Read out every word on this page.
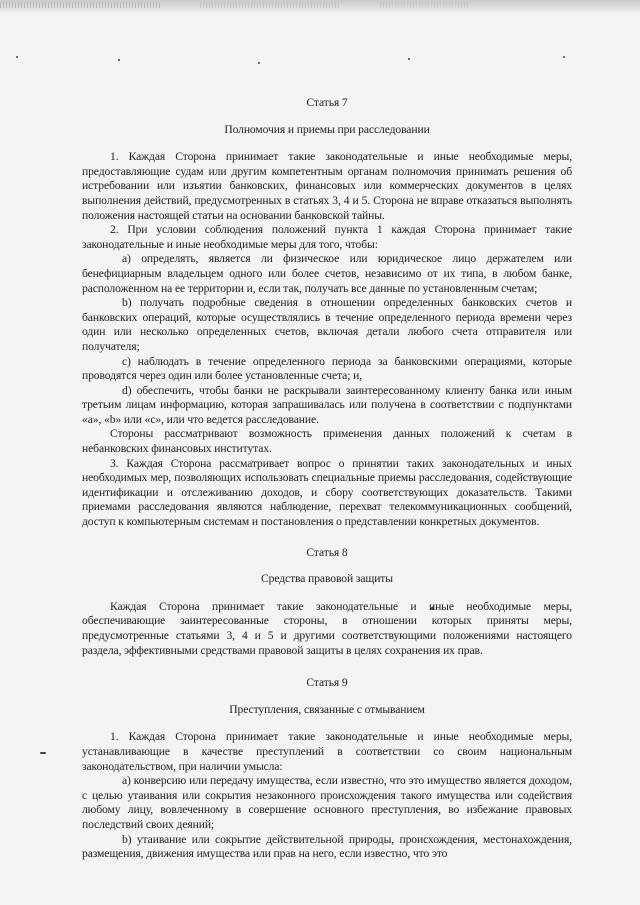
Статья 7
Полномочия и приемы при расследовании

1. Каждая Сторона принимает такие законодательные и иные необходимые меры, предоставляющие судам или другим компетентным органам полномочия принимать решения об истребовании или изъятии банковских, финансовых или коммерческих документов в целях выполнения действий, предусмотренных в статьях 3, 4 и 5. Сторона не вправе отказаться выполнять положения настоящей статьи на основании банковской тайны.

2. При условии соблюдения положений пункта 1 каждая Сторона принимает такие законодательные и иные необходимые меры для того, чтобы:

a) определять, является ли физическое или юридическое лицо держателем или бенефициарным владельцем одного или более счетов, независимо от их типа, в любом банке, расположенном на ее территории и, если так, получать все данные по установленным счетам;

b) получать подробные сведения в отношении определенных банковских счетов и банковских операций, которые осуществлялись в течение определенного периода времени через один или несколько определенных счетов, включая детали любого счета отправителя или получателя;

c) наблюдать в течение определенного периода за банковскими операциями, которые проводятся через один или более установленные счета; и,

d) обеспечить, чтобы банки не раскрывали заинтересованному клиенту банка или иным третьим лицам информацию, которая запрашивалась или получена в соответствии с подпунктами «a», «b» или «c», или что ведется расследование.

Стороны рассматривают возможность применения данных положений к счетам в небанковских финансовых институтах.

3. Каждая Сторона рассматривает вопрос о принятии таких законодательных и иных необходимых мер, позволяющих использовать специальные приемы расследования, содействующие идентификации и отслеживанию доходов, и сбору соответствующих доказательств. Такими приемами расследования являются наблюдение, перехват телекоммуникационных сообщений, доступ к компьютерным системам и постановления о представлении конкретных документов.

Статья 8
Средства правовой защиты

Каждая Сторона принимает такие законодательные и иные необходимые меры, обеспечивающие заинтересованные стороны, в отношении которых приняты меры, предусмотренные статьями 3, 4 и 5 и другими соответствующими положениями настоящего раздела, эффективными средствами правовой защиты в целях сохранения их прав.

Статья 9
Преступления, связанные с отмыванием

1. Каждая Сторона принимает такие законодательные и иные необходимые меры, устанавливающие в качестве преступлений в соответствии со своим национальным законодательством, при наличии умысла:

a) конверсию или передачу имущества, если известно, что это имущество является доходом, с целью утаивания или сокрытия незаконного происхождения такого имущества или содействия любому лицу, вовлеченному в совершение основного преступления, во избежание правовых последствий своих деяний;

b) утаивание или сокрытие действительной природы, происхождения, местонахождения, размещения, движения имущества или прав на него, если известно, что это
